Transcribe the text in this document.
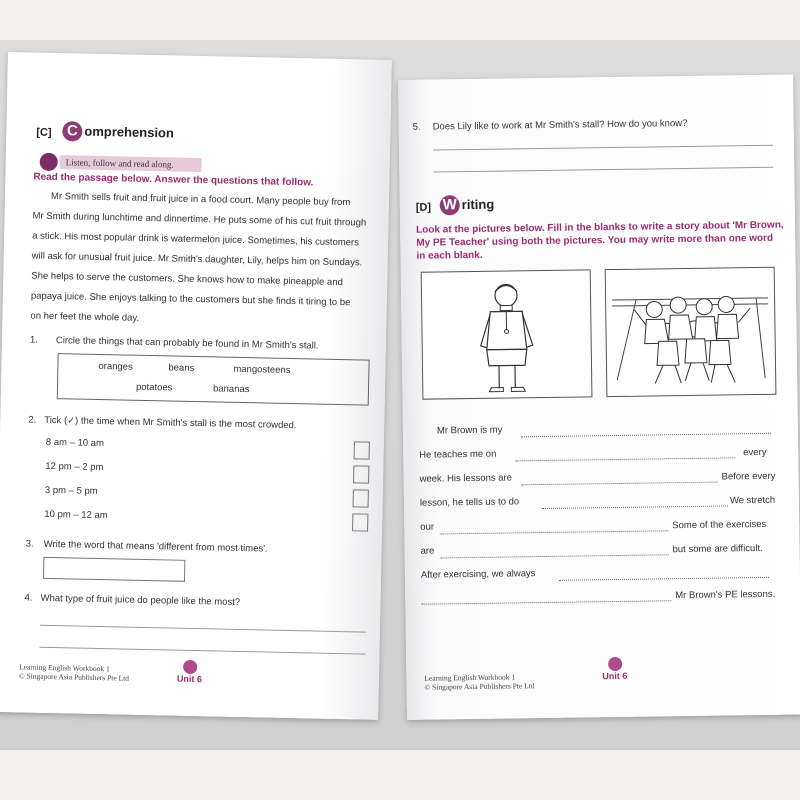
[C]	C omprehension
Listen, follow and read along.
Read the passage below. Answer the questions that follow.
Mr Smith sells fruit and fruit juice in a food court. Many people buy from
Mr Smith during lunchtime and dinnertime. He puts some of his cut fruit through
a stick. His most popular drink is watermelon juice. Sometimes, his customers
will ask for unusual fruit juice. Mr Smith's daughter, Lily, helps him on Sundays.
She helps to serve the customers. She knows how to make pineapple and
papaya juice. She enjoys talking to the customers but she finds it tiring to be
on her feet the whole day.
1. Circle the things that can probably be found in Mr Smith's stall.
oranges	beans	mangosteens
potatoes	bananas
2. Tick (✓) the time when Mr Smith's stall is the most crowded.
8 am – 10 am
12 pm – 2 pm
3 pm – 5 pm
10 pm – 12 am
3. Write the word that means 'different from most times'.
4. What type of fruit juice do people like the most?
Learning English Workbook 1
© Singapore Asia Publishers Pte Ltd	Unit 6
5. Does Lily like to work at Mr Smith's stall? How do you know?
[D] W riting
Look at the pictures below. Fill in the blanks to write a story about 'Mr Brown,
My PE Teacher' using both the pictures. You may write more than one word
in each blank.
Mr Brown is my
He teaches me on	every
week. His lessons are	Before every
lesson, he tells us to do	We stretch
our	Some of the exercises
are	but some are difficult.
After exercising, we always
Mr Brown's PE lessons.
Learning English Workbook 1
© Singapore Asia Publishers Pte Ltd
Unit 6
